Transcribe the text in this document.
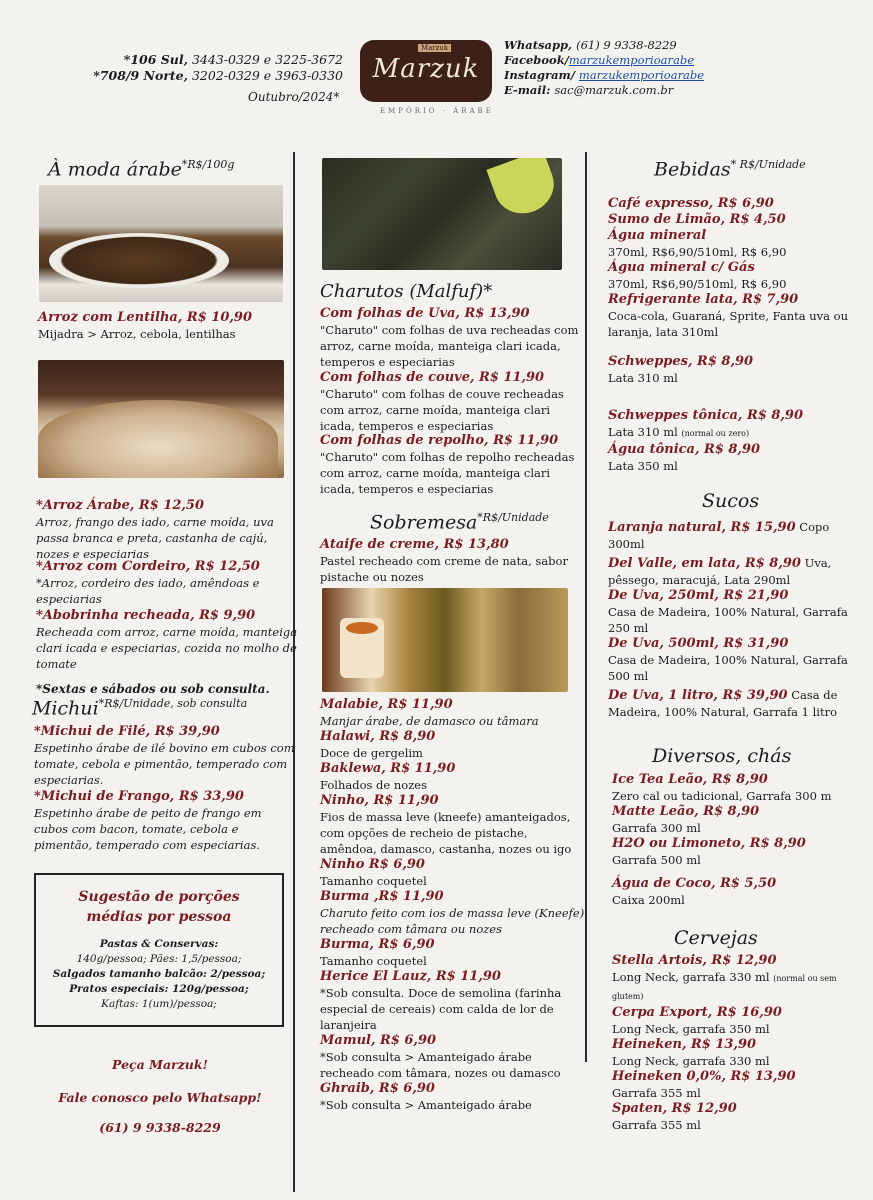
*106 Sul, 3443-0329 e 3225-3672
*708/9 Norte, 3202-0329 e 3963-0330
Outubro/2024*
Marzuk
Marzuk
EMPÓRIO · ÁRABE
Whatsapp, (61) 9 9338-8229
Facebook/marzukemporioarabe
Instagram/ marzukemporioarabe
E-mail: sac@marzuk.com.br
À moda árabe$^{*R\$/100g}$
Arroz com Lentilha, R$ 10,90
Mijadra > Arroz, cebola, lentilhas
*Arroz Árabe, R$ 12,50
Arroz, frango des iado, carne moída, uva passa branca e preta, castanha de cajú, nozes e especiarias
*Arroz com Cordeiro, R$ 12,50
*Arroz, cordeiro des iado, amêndoas e especiarias
*Abobrinha recheada, R$ 9,90
Recheada com arroz, carne moída, manteiga clari icada e especiarias, cozida no molho de tomate
*Sextas e sábados ou sob consulta.
Michui$^{*R\$/Unidade, sob consulta}$
*Michui de Filé, R$ 39,90
Espetinho árabe de ilé bovino em cubos com tomate, cebola e pimentão, temperado com especiarias.
*Michui de Frango, R$ 33,90
Espetinho árabe de peito de frango em cubos com bacon, tomate, cebola e pimentão, temperado com especiarias.
Sugestão de porções
médias por pessoa
Pastas & Conservas:
140g/pessoa; Pães: 1,5/pessoa;
Salgados tamanho balcão: 2/pessoa;
Pratos especiais: 120g/pessoa;
Kaftas: 1(um)/pessoa;
Peça Marzuk!
Fale conosco pelo Whatsapp!
(61) 9 9338-8229
Charutos (Malfuf)*
Com folhas de Uva, R$ 13,90
"Charuto" com folhas de uva recheadas com arroz, carne moída, manteiga clari icada, temperos e especiarias
Com folhas de couve, R$ 11,90
"Charuto" com folhas de couve recheadas com arroz, carne moída, manteiga clari icada, temperos e especiarias
Com folhas de repolho, R$ 11,90
"Charuto" com folhas de repolho recheadas com arroz, carne moída, manteiga clari icada, temperos e especiarias
Sobremesa$^{*R\$/Unidade}$
Ataife de creme, R$ 13,80
Pastel recheado com creme de nata, sabor pistache ou nozes
Malabie, R$ 11,90
Manjar árabe, de damasco ou tâmara
Halawi, R$ 8,90
Doce de gergelim
Baklewa, R$ 11,90
Folhados de nozes
Ninho, R$ 11,90
Fios de massa leve (kneefe) amanteigados, com opções de recheio de pistache, amêndoa, damasco, castanha, nozes ou igo
Ninho R$ 6,90
Tamanho coquetel
Burma ,R$ 11,90
Charuto feito com ios de massa leve (Kneefe) recheado com tâmara ou nozes
Burma, R$ 6,90
Tamanho coquetel
Herice El Lauz, R$ 11,90
*Sob consulta. Doce de semolina (farinha especial de cereais) com calda de lor de laranjeira
Mamul, R$ 6,90
*Sob consulta > Amanteigado árabe recheado com tâmara, nozes ou damasco
Ghraib, R$ 6,90
*Sob consulta > Amanteigado árabe
Bebidas$^{* R\$/Unidade}$
Café expresso, R$ 6,90
Sumo de Limão, R$ 4,50
Água mineral
370ml, R$6,90/510ml, R$ 6,90
Água mineral c/ Gás
370ml, R$6,90/510ml, R$ 6,90
Refrigerante lata, R$ 7,90
Coca-cola, Guaraná, Sprite, Fanta uva ou laranja, lata 310ml
Schweppes, R$ 8,90
Lata 310 ml
Schweppes tônica, R$ 8,90
Lata 310 ml (normal ou zero)
Água tônica, R$ 8,90
Lata 350 ml
Sucos
Laranja natural, R$ 15,90 Copo
300ml
Del Valle, em lata, R$ 8,90 Uva,
pêssego, maracujá, Lata 290ml
De Uva, 250ml, R$ 21,90
Casa de Madeira, 100% Natural, Garrafa 250 ml
De Uva, 500ml, R$ 31,90
Casa de Madeira, 100% Natural, Garrafa 500 ml
De Uva, 1 litro, R$ 39,90 Casa de
Madeira, 100% Natural, Garrafa 1 litro
Diversos, chás
Ice Tea Leão, R$ 8,90
Zero cal ou tadicional, Garrafa 300 m
Matte Leão, R$ 8,90
Garrafa 300 ml
H2O ou Limoneto, R$ 8,90
Garrafa 500 ml
Água de Coco, R$ 5,50
Caixa 200ml
Cervejas
Stella Artois, R$ 12,90
Long Neck, garrafa 330 ml (normal ou sem glutem)
Cerpa Export, R$ 16,90
Long Neck, garrafa 350 ml
Heineken, R$ 13,90
Long Neck, garrafa 330 ml
Heineken 0,0%, R$ 13,90
Garrafa 355 ml
Spaten, R$ 12,90
Garrafa 355 ml
